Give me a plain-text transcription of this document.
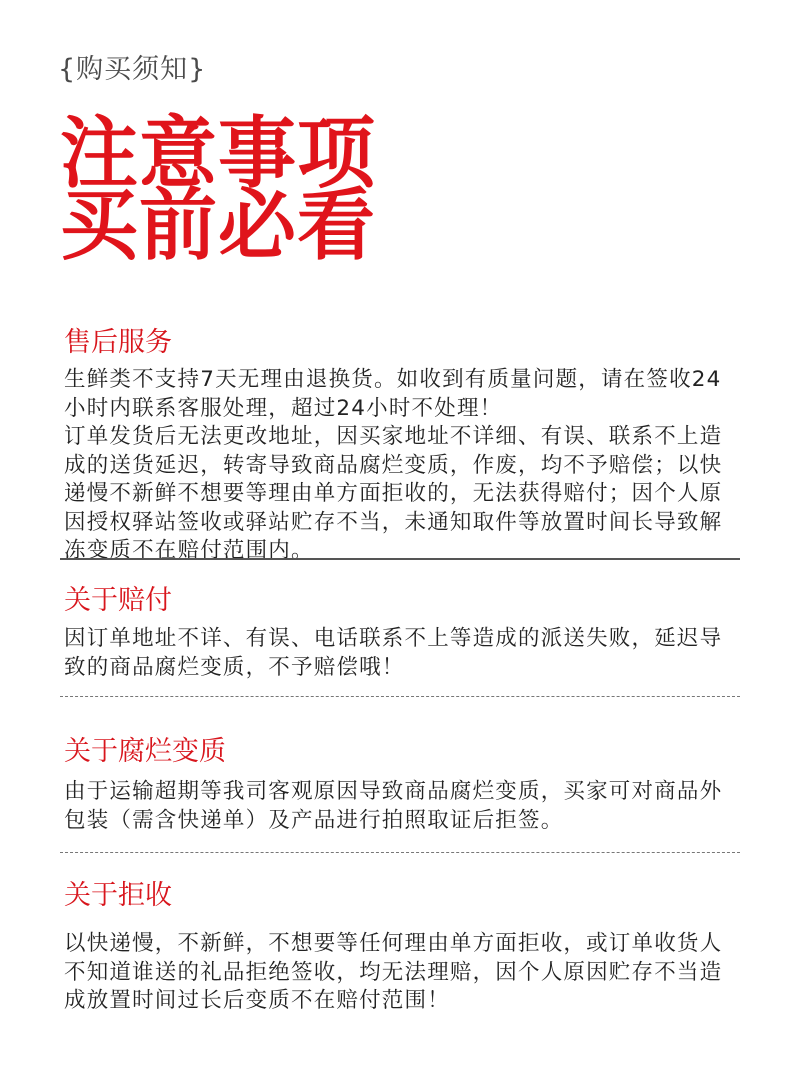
{购买须知}
注意事项
买前必看
售后服务

生鲜类不支持7天无理由退换货。如收到有质量问题，请在签收24小时内联系客服处理，超过24小时不处理！

订单发货后无法更改地址，因买家地址不详细、有误、联系不上造成的送货延迟，转寄导致商品腐烂变质，作废，均不予赔偿；以快递慢不新鲜不想要等理由单方面拒收的，无法获得赔付；因个人原因授权驿站签收或驿站贮存不当，未通知取件等放置时间长导致解冻变质不在赔付范围内。

关于赔付

因订单地址不详、有误、电话联系不上等造成的派送失败，延迟导致的商品腐烂变质，不予赔偿哦！

关于腐烂变质

由于运输超期等我司客观原因导致商品腐烂变质，买家可对商品外包装（需含快递单）及产品进行拍照取证后拒签。

关于拒收

以快递慢，不新鲜，不想要等任何理由单方面拒收，或订单收货人不知道谁送的礼品拒绝签收，均无法理赔，因个人原因贮存不当造成放置时间过长后变质不在赔付范围！
